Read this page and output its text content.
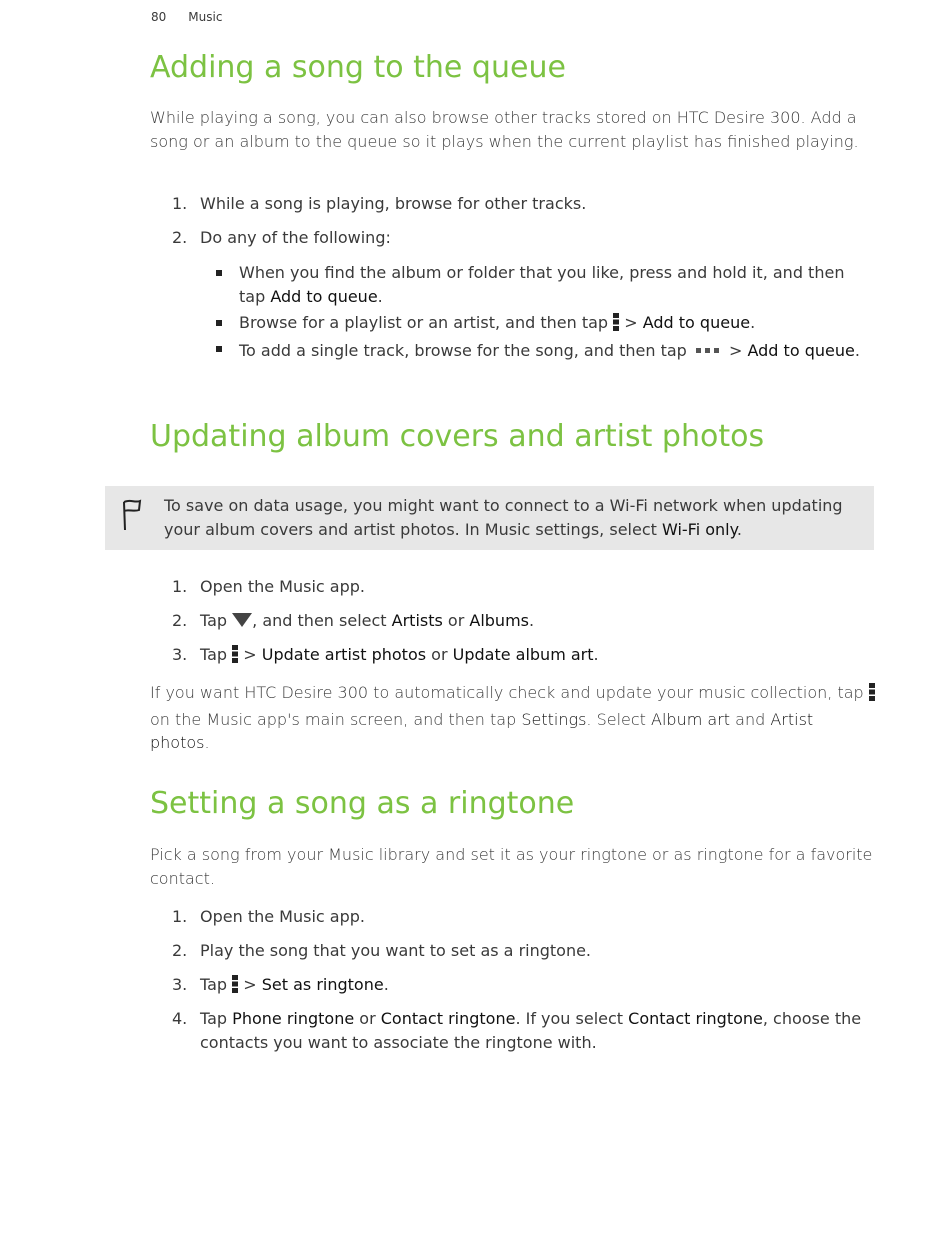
80 Music
Adding a song to the queue

While playing a song, you can also browse other tracks stored on HTC Desire 300. Add a song or an album to the queue so it plays when the current playlist has finished playing.

1. While a song is playing, browse for other tracks.
2. Do any of the following:
When you find the album or folder that you like, press and hold it, and then tap Add to queue.
Browse for a playlist or an artist, and then tap  > Add to queue.
To add a single track, browse for the song, and then tap  > Add to queue.
Updating album covers and artist photos
To save on data usage, you might want to connect to a Wi-Fi network when updating your album covers and artist photos. In Music settings, select Wi-Fi only.
1. Open the Music app.
2. Tap , and then select Artists or Albums.
3. Tap  > Update artist photos or Update album art.

If you want HTC Desire 300 to automatically check and update your music collection, tap  on the Music app's main screen, and then tap Settings. Select Album art and Artist photos.

Setting a song as a ringtone

Pick a song from your Music library and set it as your ringtone or as ringtone for a favorite contact.

1. Open the Music app.
2. Play the song that you want to set as a ringtone.
3. Tap  > Set as ringtone.
4. Tap Phone ringtone or Contact ringtone. If you select Contact ringtone, choose the contacts you want to associate the ringtone with.
